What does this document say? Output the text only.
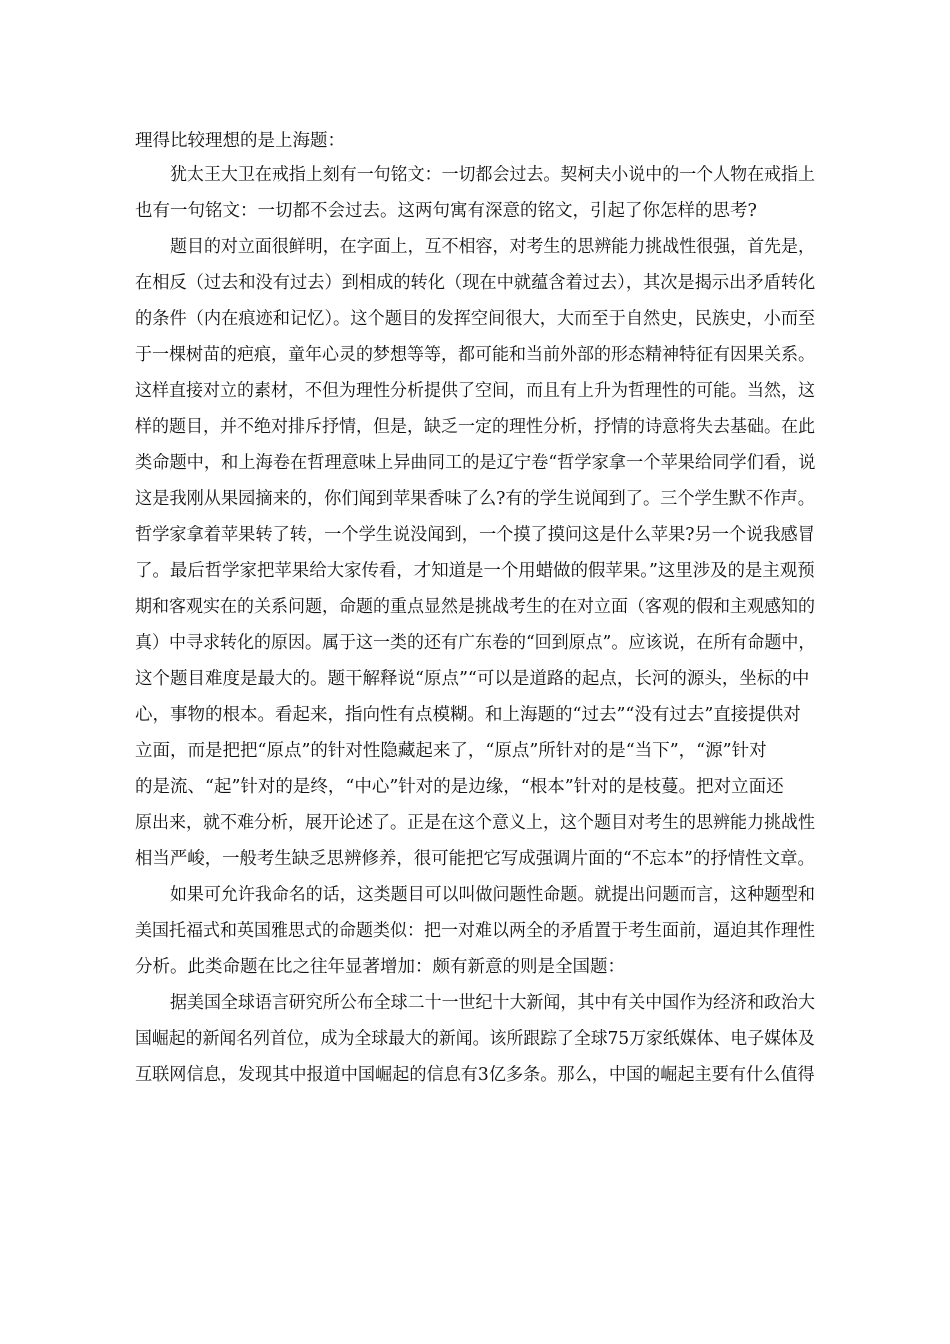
理得比较理想的是上海题：

犹太王大卫在戒指上刻有一句铭文：一切都会过去。契柯夫小说中的一个人物在戒指上

也有一句铭文：一切都不会过去。这两句寓有深意的铭文，引起了你怎样的思考?

题目的对立面很鲜明，在字面上，互不相容，对考生的思辨能力挑战性很强，首先是，

在相反（过去和没有过去）到相成的转化（现在中就蕴含着过去），其次是揭示出矛盾转化

的条件（内在痕迹和记忆）。这个题目的发挥空间很大，大而至于自然史，民族史，小而至

于一棵树苗的疤痕，童年心灵的梦想等等，都可能和当前外部的形态精神特征有因果关系。

这样直接对立的素材，不但为理性分析提供了空间，而且有上升为哲理性的可能。当然，这

样的题目，并不绝对排斥抒情，但是，缺乏一定的理性分析，抒情的诗意将失去基础。在此

类命题中，和上海卷在哲理意味上异曲同工的是辽宁卷“哲学家拿一个苹果给同学们看，说

这是我刚从果园摘来的，你们闻到苹果香味了么?有的学生说闻到了。三个学生默不作声。

哲学家拿着苹果转了转，一个学生说没闻到，一个摸了摸问这是什么苹果?另一个说我感冒

了。最后哲学家把苹果给大家传看，才知道是一个用蜡做的假苹果。”这里涉及的是主观预

期和客观实在的关系问题，命题的重点显然是挑战考生的在对立面（客观的假和主观感知的

真）中寻求转化的原因。属于这一类的还有广东卷的“回到原点”。应该说，在所有命题中，

这个题目难度是最大的。题干解释说“原点”“可以是道路的起点，长河的源头，坐标的中

心，事物的根本。看起来，指向性有点模糊。和上海题的“过去”“没有过去”直接提供对

立面，而是把把“原点”的针对性隐藏起来了，“原点”所针对的是“当下”，“源”针对

的是流、“起”针对的是终，“中心”针对的是边缘，“根本”针对的是枝蔓。把对立面还

原出来，就不难分析，展开论述了。正是在这个意义上，这个题目对考生的思辨能力挑战性

相当严峻，一般考生缺乏思辨修养，很可能把它写成强调片面的“不忘本”的抒情性文章。

如果可允许我命名的话，这类题目可以叫做问题性命题。就提出问题而言，这种题型和

美国托福式和英国雅思式的命题类似：把一对难以两全的矛盾置于考生面前，逼迫其作理性

分析。此类命题在比之往年显著增加：颇有新意的则是全国题：

据美国全球语言研究所公布全球二十一世纪十大新闻，其中有关中国作为经济和政治大

国崛起的新闻名列首位，成为全球最大的新闻。该所跟踪了全球75万家纸媒体、电子媒体及

互联网信息，发现其中报道中国崛起的信息有3亿多条。那么，中国的崛起主要有什么值得
